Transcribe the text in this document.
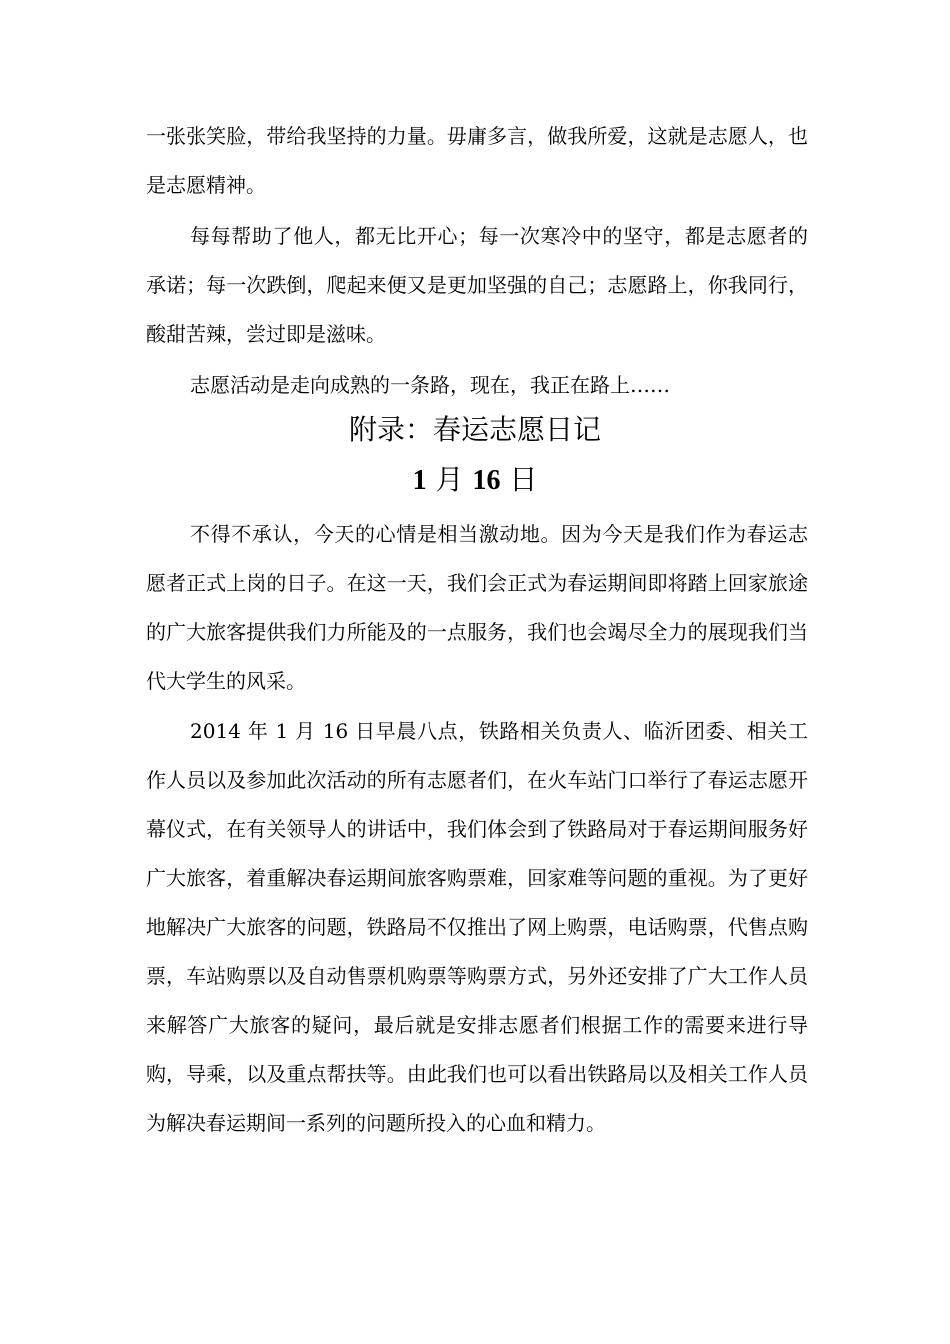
一张张笑脸，带给我坚持的力量。毋庸多言，做我所爱，这就是志愿人，也是志愿精神。

每每帮助了他人，都无比开心；每一次寒冷中的坚守，都是志愿者的承诺；每一次跌倒，爬起来便又是更加坚强的自己；志愿路上，你我同行，酸甜苦辣，尝过即是滋味。

志愿活动是走向成熟的一条路，现在，我正在路上……

附录：春运志愿日记
1 月 16 日

不得不承认，今天的心情是相当激动地。因为今天是我们作为春运志愿者正式上岗的日子。在这一天，我们会正式为春运期间即将踏上回家旅途的广大旅客提供我们力所能及的一点服务，我们也会竭尽全力的展现我们当代大学生的风采。

2014 年 1 月 16 日早晨八点，铁路相关负责人、临沂团委、相关工作人员以及参加此次活动的所有志愿者们，在火车站门口举行了春运志愿开幕仪式，在有关领导人的讲话中，我们体会到了铁路局对于春运期间服务好广大旅客，着重解决春运期间旅客购票难，回家难等问题的重视。为了更好地解决广大旅客的问题，铁路局不仅推出了网上购票，电话购票，代售点购票，车站购票以及自动售票机购票等购票方式，另外还安排了广大工作人员来解答广大旅客的疑问，最后就是安排志愿者们根据工作的需要来进行导购，导乘，以及重点帮扶等。由此我们也可以看出铁路局以及相关工作人员为解决春运期间一系列的问题所投入的心血和精力。
